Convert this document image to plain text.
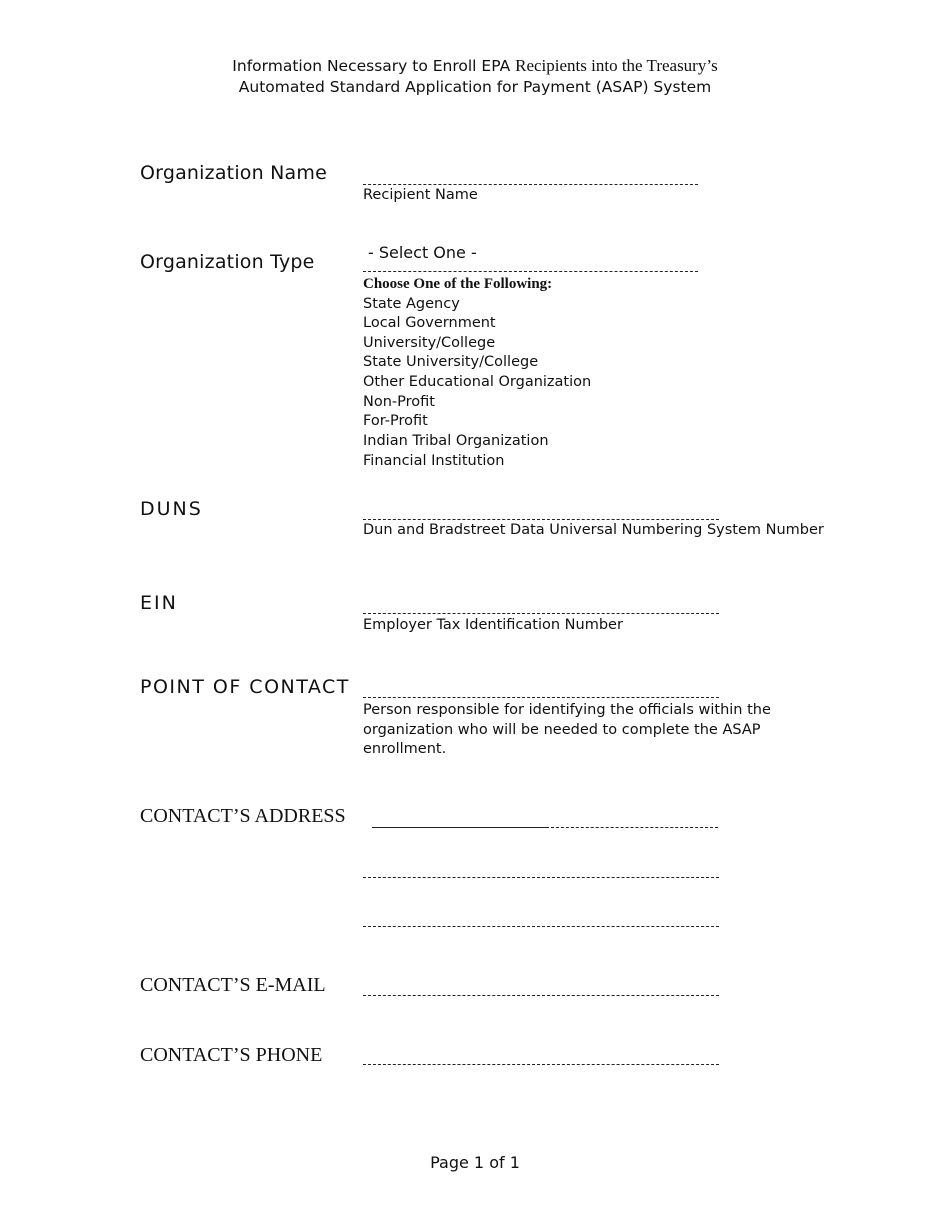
Information Necessary to Enroll EPA Recipients into the Treasury’s
Automated Standard Application for Payment (ASAP) System
Organization Name
Recipient Name
Organization Type	- Select One -
Choose One of the Following:
State Agency
Local Government
University/College
State University/College
Other Educational Organization
Non-Profit
For-Profit
Indian Tribal Organization
Financial Institution
DUNS
Dun and Bradstreet Data Universal Numbering System Number
EIN
Employer Tax Identification Number
POINT OF CONTACT
Person responsible for identifying the officials within the organization who will be needed to complete the ASAP enrollment.
CONTACT’S ADDRESS
CONTACT’S E-MAIL
CONTACT’S PHONE
Page 1 of 1
